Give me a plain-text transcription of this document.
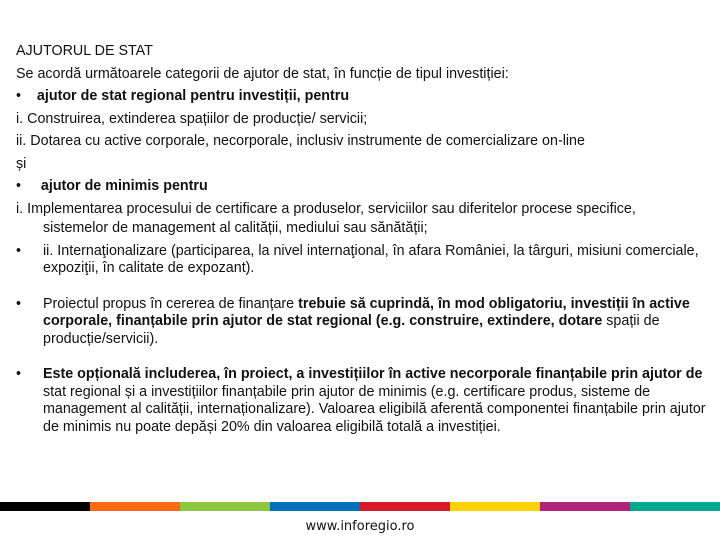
AJUTORUL DE STAT
Se acordă următoarele categorii de ajutor de stat, în funcție de tipul investiției:
• ajutor de stat regional pentru investiții, pentru
i. Construirea, extinderea spațiilor de producție/ servicii;
ii. Dotarea cu active corporale, necorporale, inclusiv instrumente de comercializare on-line
și
• ajutor de minimis pentru
i. Implementarea procesului de certificare a produselor, serviciilor sau diferitelor procese specifice,
sistemelor de management al calității, mediului sau sănătății;
• ii. Internaţionalizare (participarea, la nivel internaţional, în afara României, la târguri, misiuni comerciale, expoziţii, în calitate de expozant).
• Proiectul propus în cererea de finanțare trebuie să cuprindă, în mod obligatoriu, investiții în active corporale, finanțabile prin ajutor de stat regional (e.g. construire, extindere, dotare spații de producție/servicii).
• Este opțională includerea, în proiect, a investițiilor în active necorporale finanțabile prin ajutor de stat regional și a investițiilor finanțabile prin ajutor de minimis (e.g. certificare produs, sisteme de management al calității, internaționalizare). Valoarea eligibilă aferentă componentei finanțabile prin ajutor de minimis nu poate depăși 20% din valoarea eligibilă totală a investiției.
www.inforegio.ro
